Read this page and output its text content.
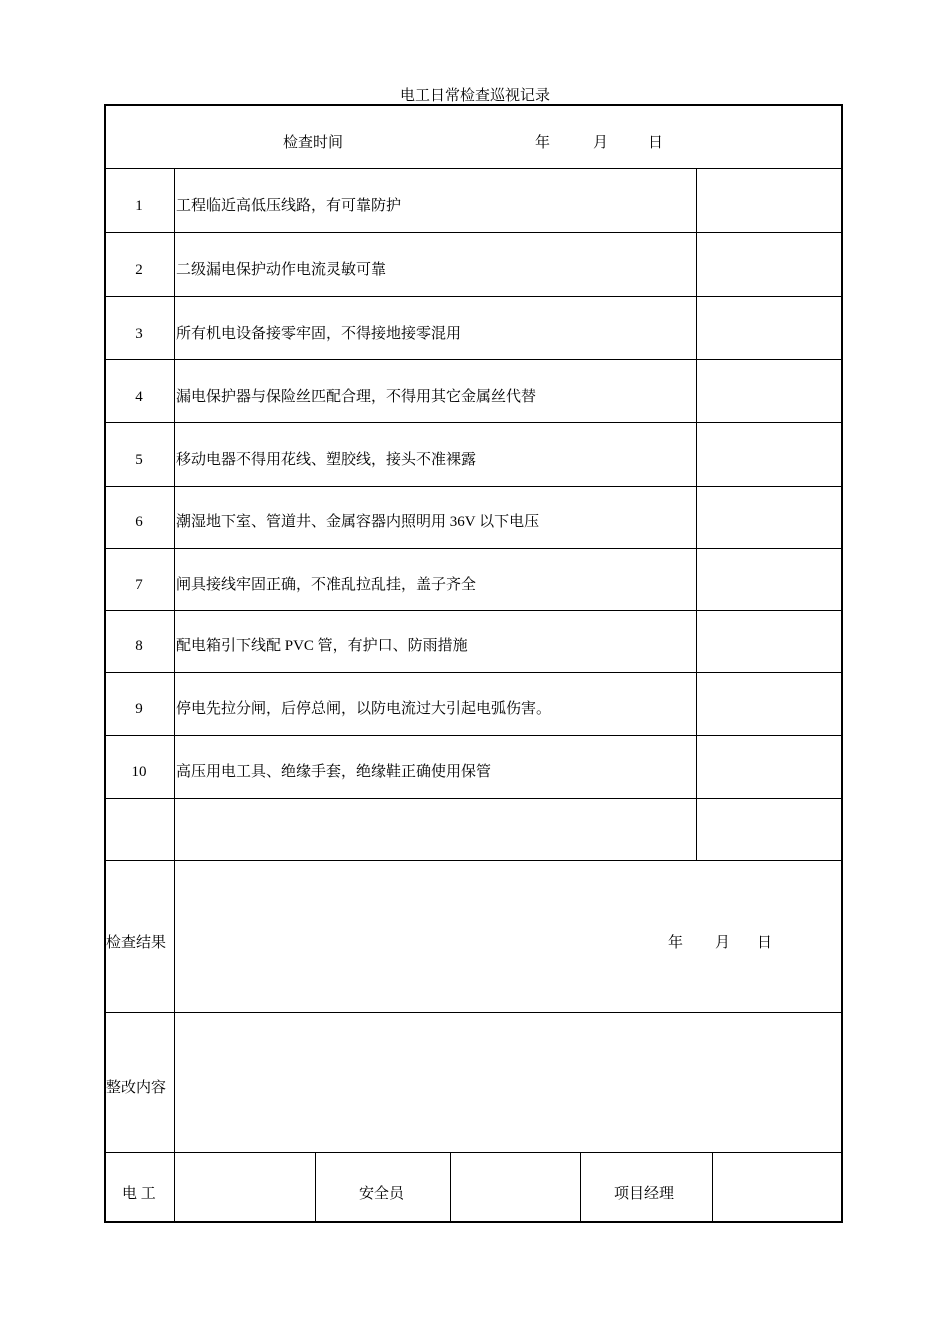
电工日常检查巡视记录
检查时间	年	月	日
1	工程临近高低压线路，有可靠防护
2	二级漏电保护动作电流灵敏可靠
3	所有机电设备接零牢固，不得接地接零混用
4	漏电保护器与保险丝匹配合理，不得用其它金属丝代替
5	移动电器不得用花线、塑胶线，接头不准裸露
6	潮湿地下室、管道井、金属容器内照明用 36V 以下电压
7	闸具接线牢固正确，不准乱拉乱挂，盖子齐全
8	配电箱引下线配 PVC 管，有护口、防雨措施
9	停电先拉分闸，后停总闸，以防电流过大引起电弧伤害。
10	高压用电工具、绝缘手套，绝缘鞋正确使用保管
检查结果	年 月 日
整改内容
电 工	安全员	项目经理
